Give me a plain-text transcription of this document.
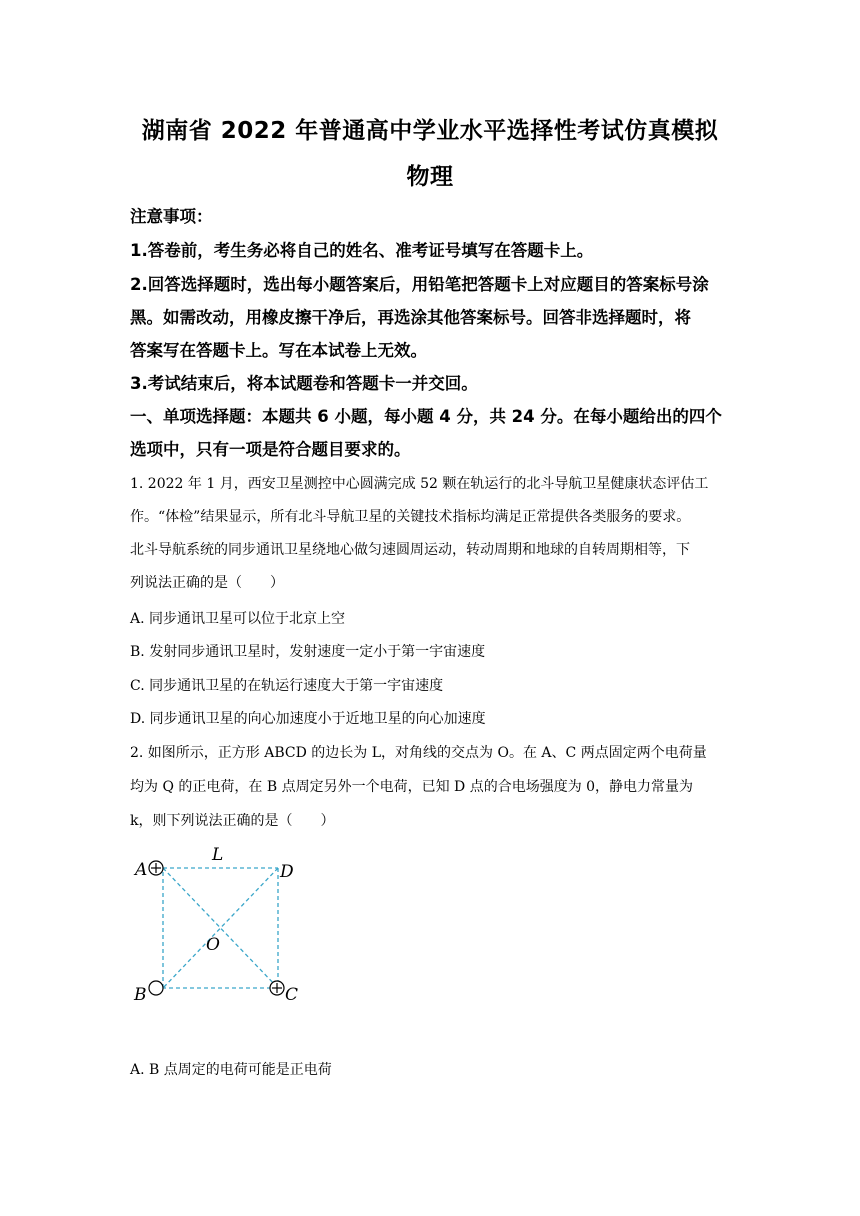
湖南省 2022 年普通高中学业水平选择性考试仿真模拟
物理
注意事项：
1.答卷前，考生务必将自己的姓名、准考证号填写在答题卡上。
2.回答选择题时，选出每小题答案后，用铅笔把答题卡上对应题目的答案标号涂
黑。如需改动，用橡皮擦干净后，再选涂其他答案标号。回答非选择题时，将
答案写在答题卡上。写在本试卷上无效。
3.考试结束后，将本试题卷和答题卡一并交回。
一、单项选择题：本题共 6 小题，每小题 4 分，共 24 分。在每小题给出的四个
选项中，只有一项是符合题目要求的。
1. 2022 年 1 月，西安卫星测控中心圆满完成 52 颗在轨运行的北斗导航卫星健康状态评估工
作。“体检”结果显示，所有北斗导航卫星的关键技术指标均满足正常提供各类服务的要求。
北斗导航系统的同步通讯卫星绕地心做匀速圆周运动，转动周期和地球的自转周期相等，下
列说法正确的是（　　）
A. 同步通讯卫星可以位于北京上空
B. 发射同步通讯卫星时，发射速度一定小于第一宇宙速度
C. 同步通讯卫星的在轨运行速度大于第一宇宙速度
D. 同步通讯卫星的向心加速度小于近地卫星的向心加速度
2. 如图所示，正方形 ABCD 的边长为 L，对角线的交点为 O。在 A、C 两点固定两个电荷量
均为 Q 的正电荷，在 B 点周定另外一个电荷，已知 D 点的合电场强度为 0，静电力常量为
k，则下列说法正确的是（　　）
L
A	D
O
B	C
A. B 点周定的电荷可能是正电荷
